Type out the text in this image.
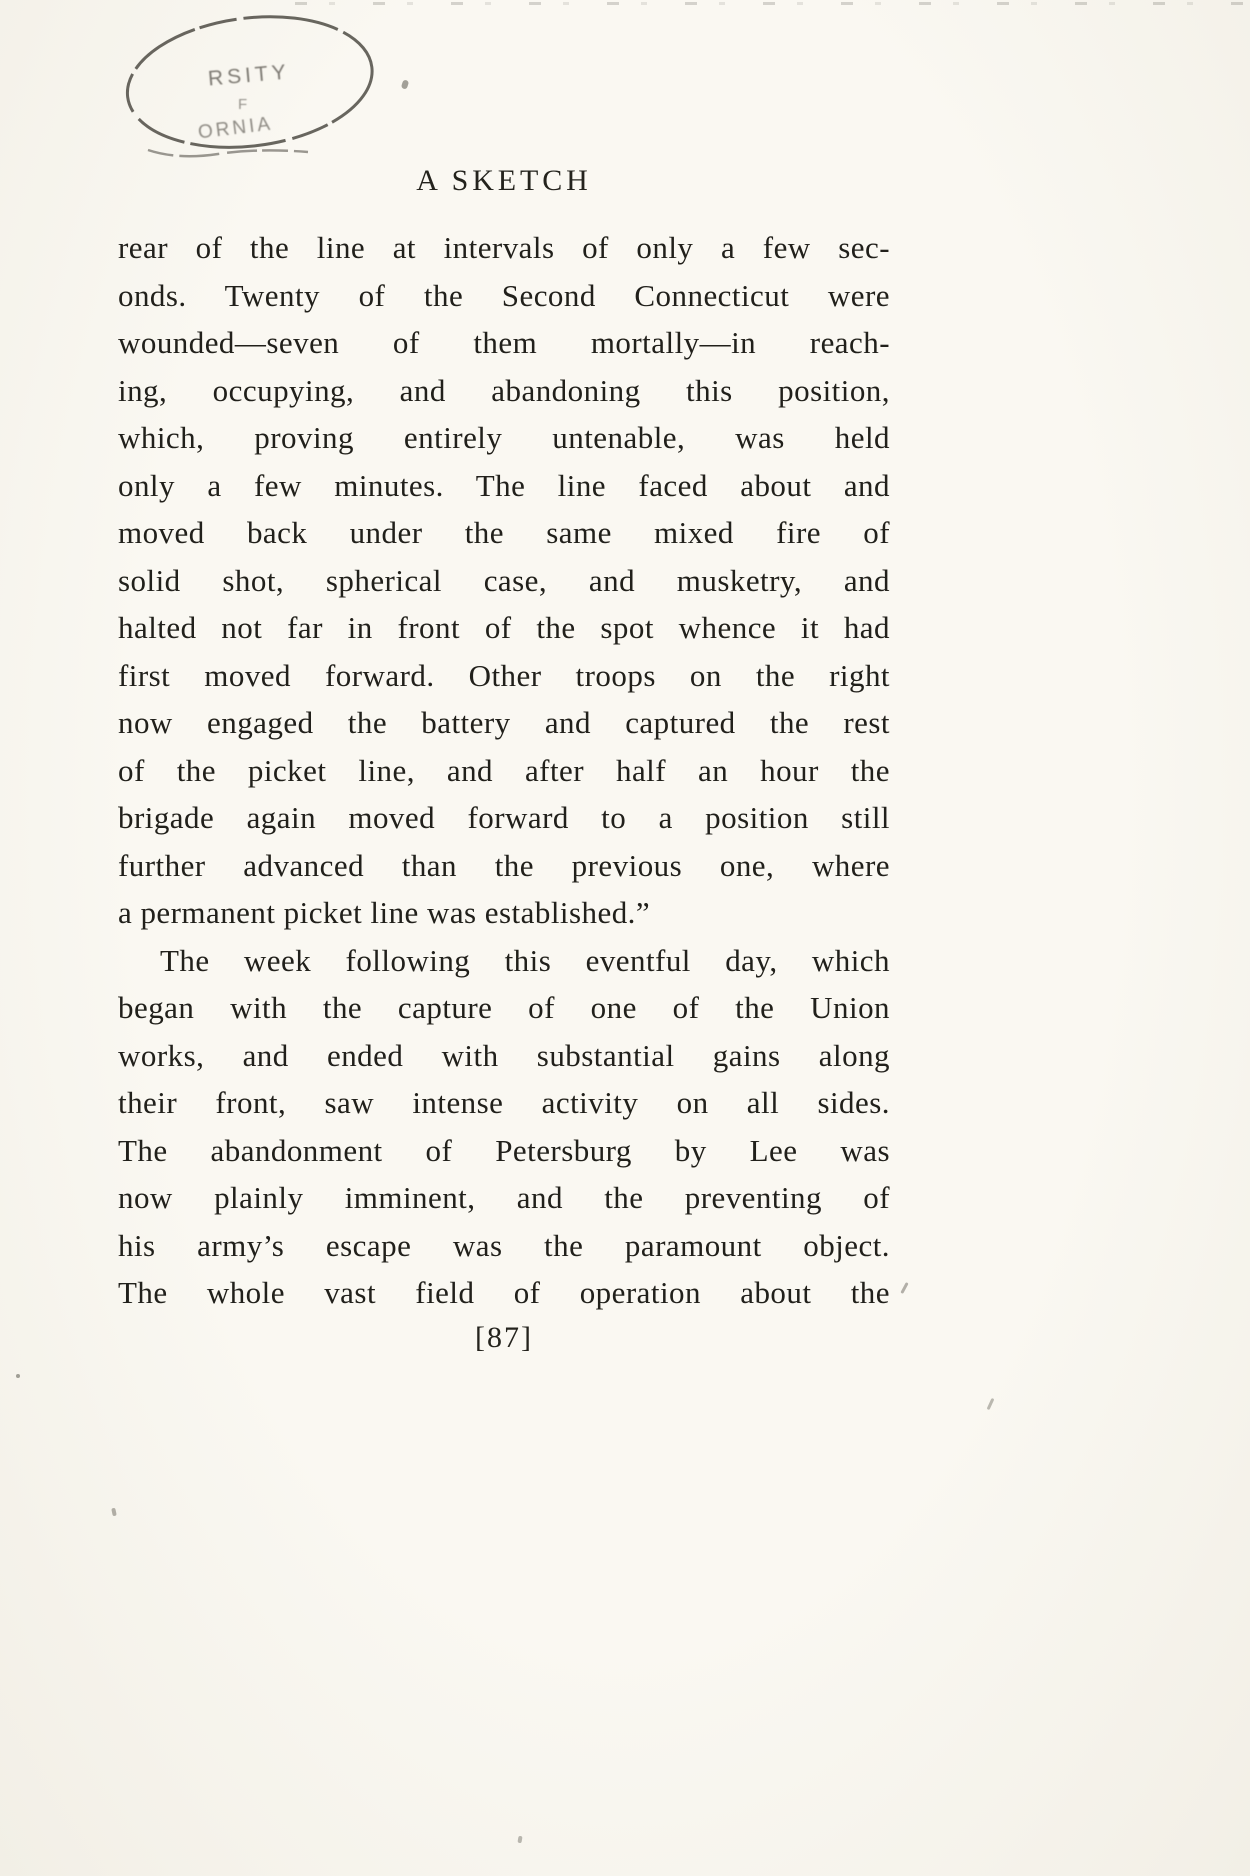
RSITY
F
ORNIA
A SKETCH
rear of the line at intervals of only a few sec-
onds. Twenty of the Second Connecticut were
wounded—seven of them mortally—in reach-
ing, occupying, and abandoning this position,
which, proving entirely untenable, was held
only a few minutes. The line faced about and
moved back under the same mixed fire of
solid shot, spherical case, and musketry, and
halted not far in front of the spot whence it had
first moved forward. Other troops on the right
now engaged the battery and captured the rest
of the picket line, and after half an hour the
brigade again moved forward to a position still
further advanced than the previous one, where
a permanent picket line was established.”
The week following this eventful day, which
began with the capture of one of the Union
works, and ended with substantial gains along
their front, saw intense activity on all sides.
The abandonment of Petersburg by Lee was
now plainly imminent, and the preventing of
his army’s escape was the paramount object.
The whole vast field of operation about the
[87]
